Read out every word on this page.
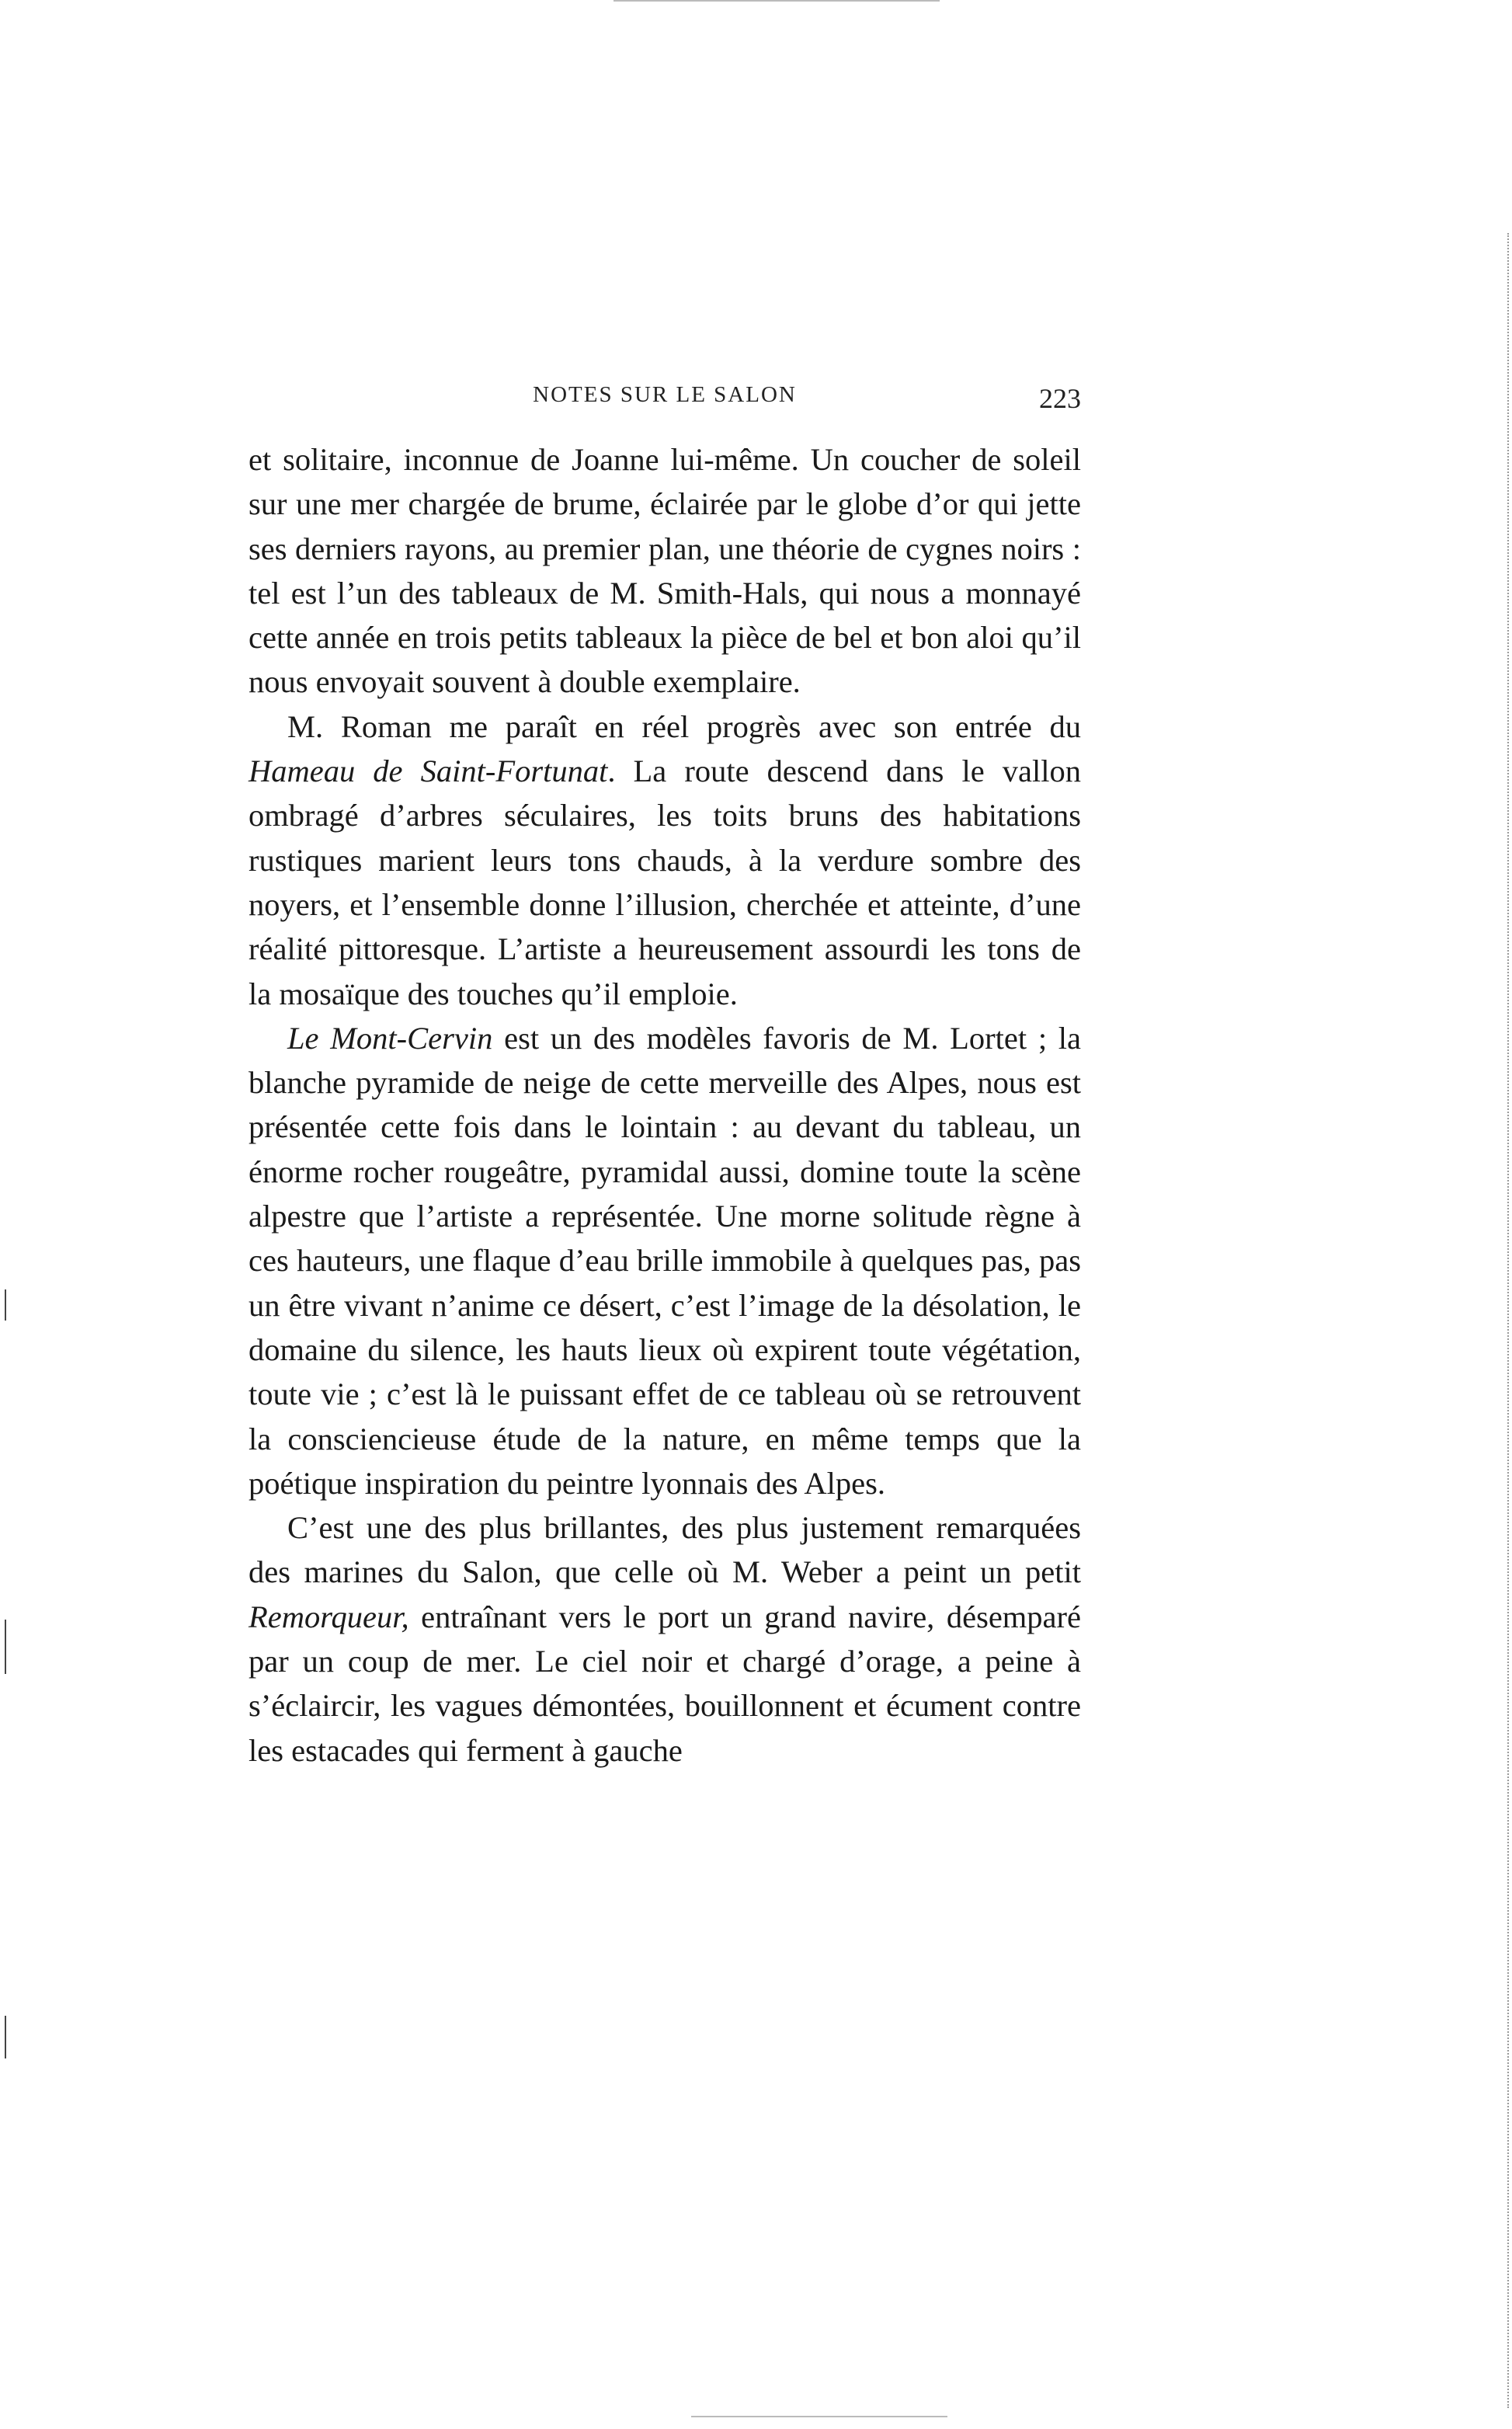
NOTES SUR LE SALON	223

et solitaire, inconnue de Joanne lui-même. Un coucher de soleil sur une mer chargée de brume, éclairée par le globe d’or qui jette ses derniers rayons, au premier plan, une théorie de cygnes noirs : tel est l’un des tableaux de M. Smith-Hals, qui nous a monnayé cette année en trois petits tableaux la pièce de bel et bon aloi qu’il nous envoyait souvent à double exemplaire.

M. Roman me paraît en réel progrès avec son entrée du Hameau de Saint-Fortunat. La route descend dans le vallon ombragé d’arbres séculaires, les toits bruns des habitations rustiques marient leurs tons chauds, à la verdure sombre des noyers, et l’ensemble donne l’illusion, cherchée et atteinte, d’une réalité pittoresque. L’artiste a heureusement assourdi les tons de la mosaïque des touches qu’il emploie.

Le Mont-Cervin est un des modèles favoris de M. Lortet ; la blanche pyramide de neige de cette merveille des Alpes, nous est présentée cette fois dans le lointain : au devant du tableau, un énorme rocher rougeâtre, pyramidal aussi, domine toute la scène alpestre que l’artiste a représentée. Une morne solitude règne à ces hauteurs, une flaque d’eau brille immobile à quelques pas, pas un être vivant n’anime ce désert, c’est l’image de la désolation, le domaine du silence, les hauts lieux où expirent toute végétation, toute vie ; c’est là le puissant effet de ce tableau où se retrouvent la consciencieuse étude de la nature, en même temps que la poétique inspiration du peintre lyonnais des Alpes.

C’est une des plus brillantes, des plus justement remarquées des marines du Salon, que celle où M. Weber a peint un petit Remorqueur, entraînant vers le port un grand navire, désemparé par un coup de mer. Le ciel noir et chargé d’orage, a peine à s’éclaircir, les vagues démontées, bouillonnent et écument contre les estacades qui ferment à gauche
